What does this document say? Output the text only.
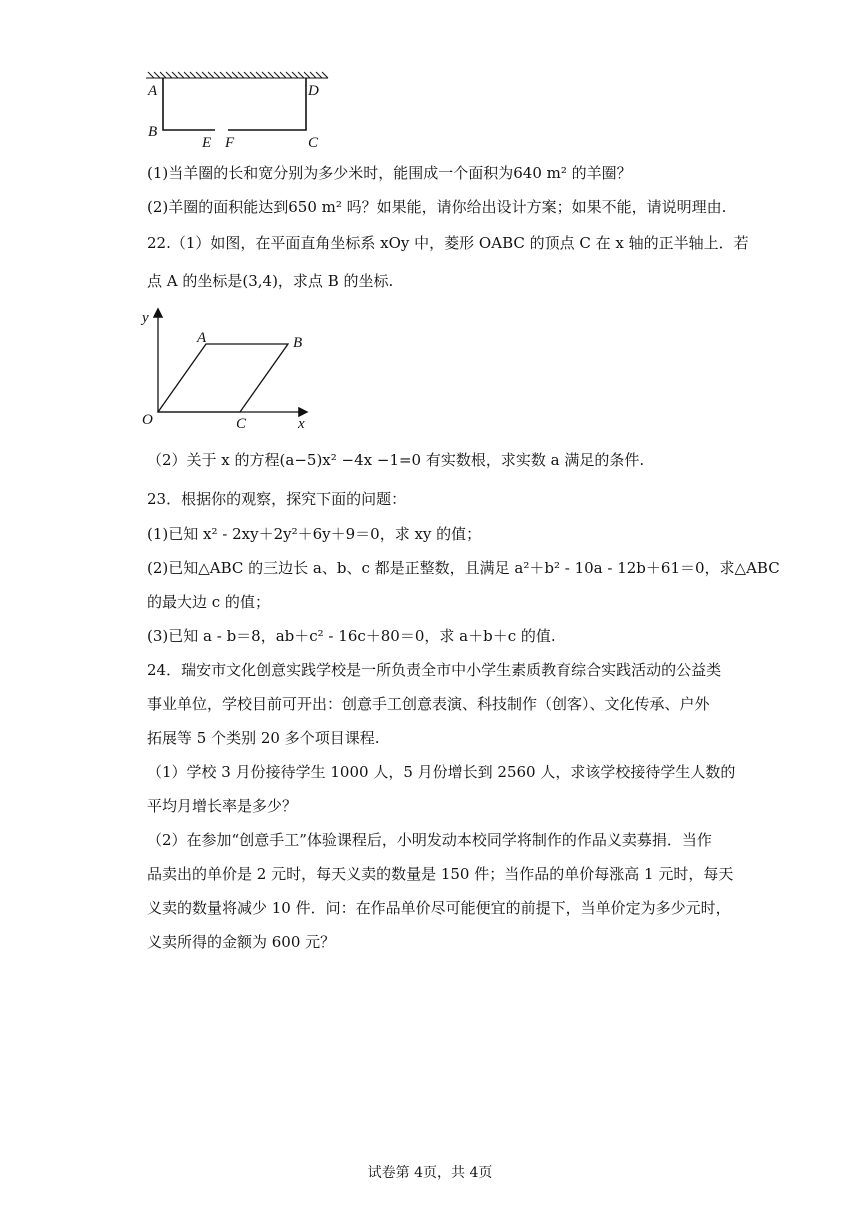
A	D
B
E F	C
(1)当羊圈的长和宽分别为多少米时，能围成一个面积为640 m² 的羊圈？
(2)羊圈的面积能达到650 m² 吗？如果能，请你给出设计方案；如果不能，请说明理由.
22.（1）如图，在平面直角坐标系 xOy 中，菱形 OABC 的顶点 C 在 x 轴的正半轴上．若
点 A 的坐标是(3,4)，求点 B 的坐标.
y
A	B
O	C	x
（2）关于 x 的方程(a−5)x² −4x −1=0 有实数根，求实数 a 满足的条件.
23．根据你的观察，探究下面的问题：
(1)已知 x² - 2xy＋2y²＋6y＋9＝0，求 xy 的值；
(2)已知△ABC 的三边长 a、b、c 都是正整数，且满足 a²＋b² - 10a - 12b＋61＝0，求△ABC
的最大边 c 的值；
(3)已知 a - b＝8，ab＋c² - 16c＋80＝0，求 a＋b＋c 的值.
24．瑞安市文化创意实践学校是一所负责全市中小学生素质教育综合实践活动的公益类
事业单位，学校目前可开出：创意手工创意表演、科技制作（创客）、文化传承、户外
拓展等 5 个类别 20 多个项目课程.
（1）学校 3 月份接待学生 1000 人，5 月份增长到 2560 人，求该学校接待学生人数的
平均月增长率是多少？
（2）在参加“创意手工”体验课程后，小明发动本校同学将制作的作品义卖募捐．当作
品卖出的单价是 2 元时，每天义卖的数量是 150 件；当作品的单价每涨高 1 元时，每天
义卖的数量将减少 10 件．问：在作品单价尽可能便宜的前提下，当单价定为多少元时，
义卖所得的金额为 600 元？
试卷第 4页，共 4页
